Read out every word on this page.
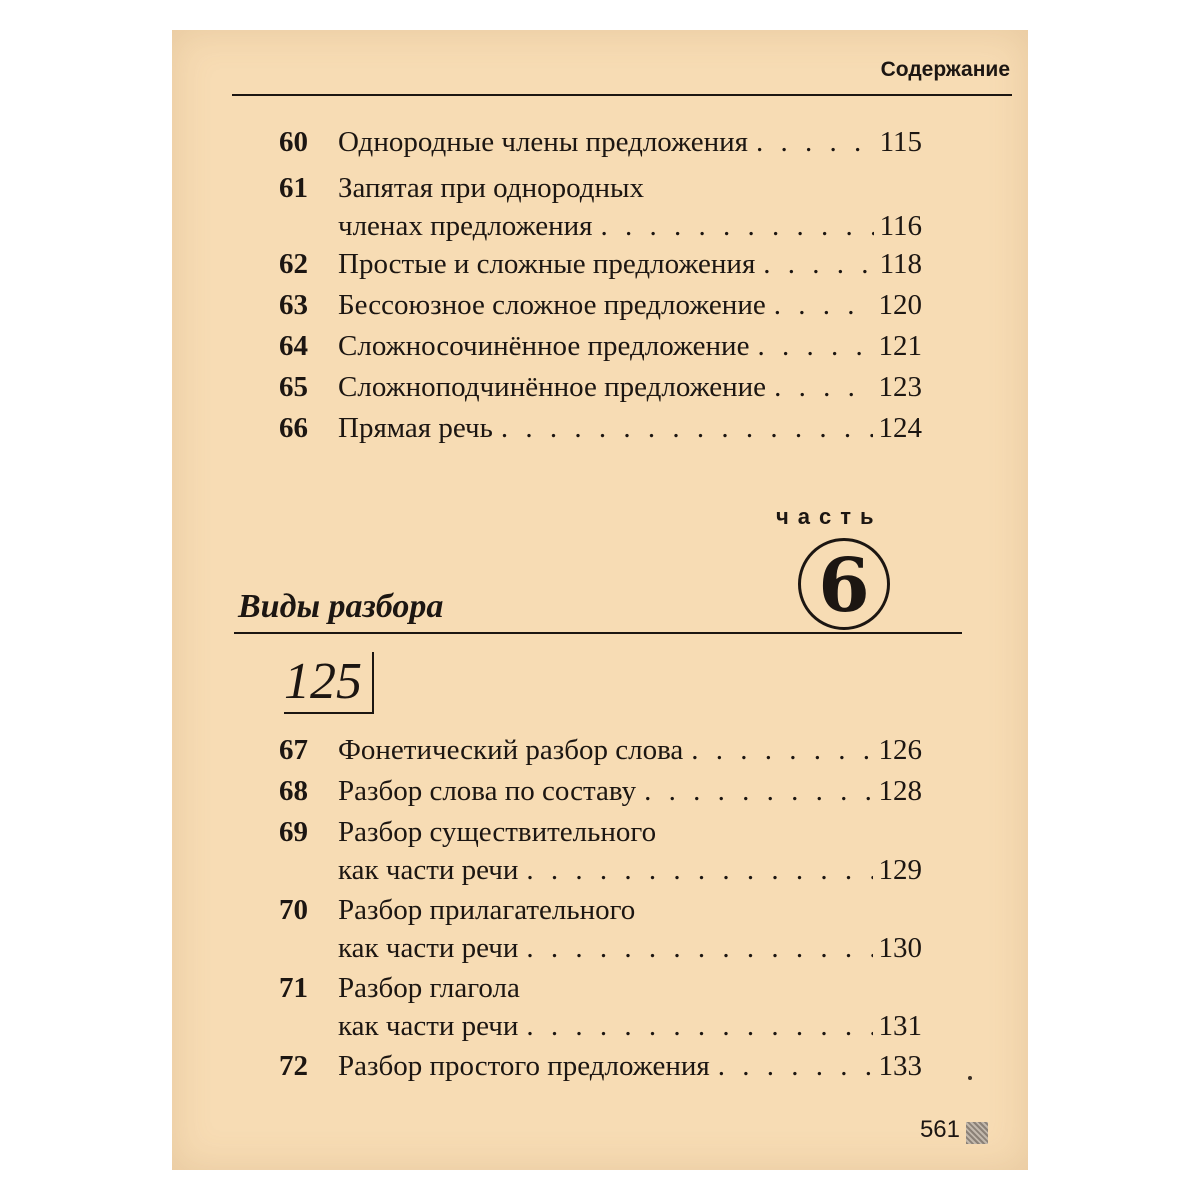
Содержание
60 Однородные члены предложения . . .	115
61 Запятая при однородных
членах предложения . . .	116
62 Простые и сложные предложения . . .	118
63 Бессоюзное сложное предложение . . .	120
64 Сложносочинённое предложение . . .	121
65 Сложноподчинённое предложение . . .	123
66 Прямая речь . . .	124
часть
6
Виды разбора
125
67 Фонетический разбор слова . . .	126
68 Разбор слова по составу . . .	128
69 Разбор существительного
как части речи . . .	129
70 Разбор прилагательного
как части речи . . .	130
71 Разбор глагола
как части речи . . .	131
72 Разбор простого предложения . . .	133
561
